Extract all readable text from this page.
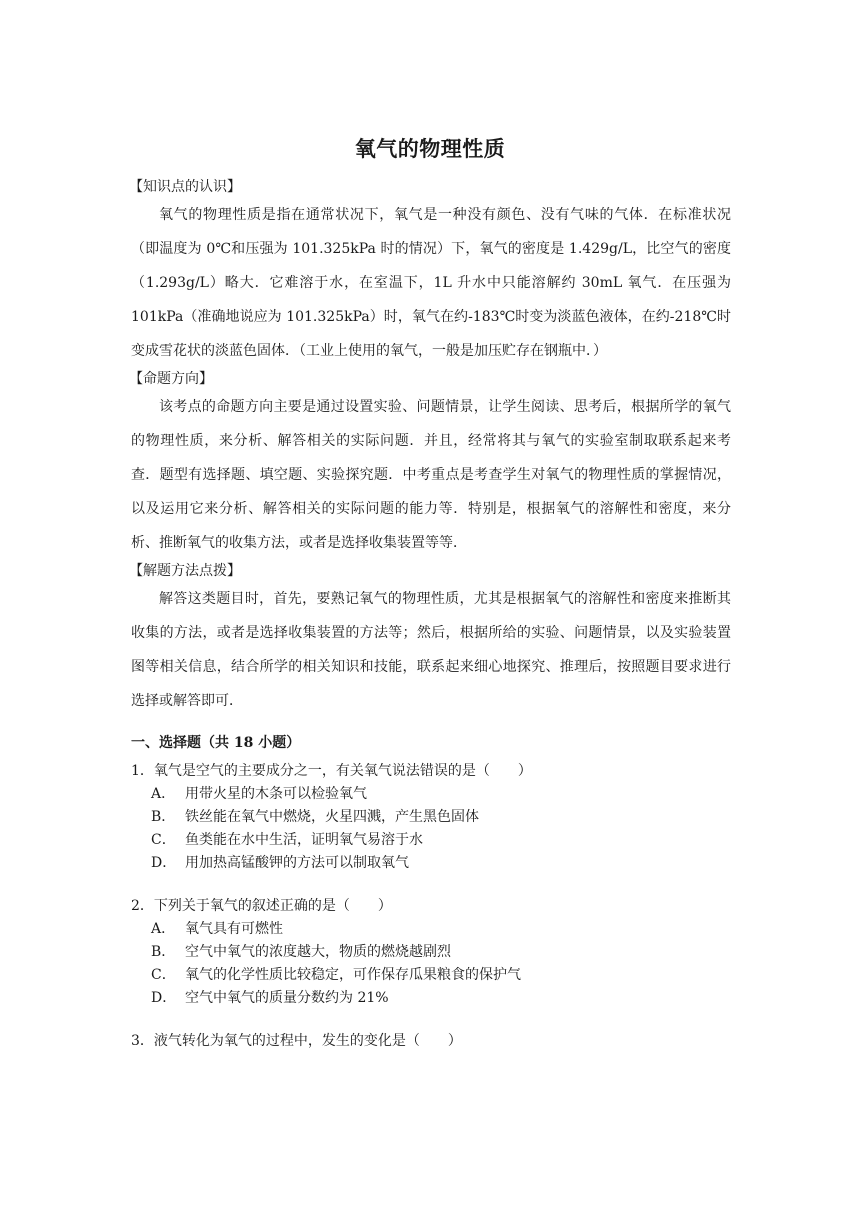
氧气的物理性质

【知识点的认识】

氧气的物理性质是指在通常状况下，氧气是一种没有颜色、没有气味的气体．在标准状况（即温度为 0℃和压强为 101.325kPa 时的情况）下，氧气的密度是 1.429g/L，比空气的密度（1.293g/L）略大．它难溶于水，在室温下，1L 升水中只能溶解约 30mL 氧气．在压强为 101kPa（准确地说应为 101.325kPa）时，氧气在约-183℃时变为淡蓝色液体，在约-218℃时变成雪花状的淡蓝色固体．（工业上使用的氧气，一般是加压贮存在钢瓶中．）

【命题方向】

该考点的命题方向主要是通过设置实验、问题情景，让学生阅读、思考后，根据所学的氧气的物理性质，来分析、解答相关的实际问题．并且，经常将其与氧气的实验室制取联系起来考查．题型有选择题、填空题、实验探究题．中考重点是考查学生对氧气的物理性质的掌握情况，以及运用它来分析、解答相关的实际问题的能力等．特别是，根据氧气的溶解性和密度，来分析、推断氧气的收集方法，或者是选择收集装置等等．

【解题方法点拨】

解答这类题目时，首先，要熟记氧气的物理性质，尤其是根据氧气的溶解性和密度来推断其收集的方法，或者是选择收集装置的方法等；然后，根据所给的实验、问题情景，以及实验装置图等相关信息，结合所学的相关知识和技能，联系起来细心地探究、推理后，按照题目要求进行选择或解答即可．

一、选择题（共 18 小题）

1．氧气是空气的主要成分之一，有关氧气说法错误的是（　　）

A． 用带火星的木条可以检验氧气
B． 铁丝能在氧气中燃烧，火星四溅，产生黑色固体
C． 鱼类能在水中生活，证明氧气易溶于水
D． 用加热高锰酸钾的方法可以制取氧气

2．下列关于氧气的叙述正确的是（　　）

A． 氧气具有可燃性
B． 空气中氧气的浓度越大，物质的燃烧越剧烈
C． 氧气的化学性质比较稳定，可作保存瓜果粮食的保护气
D． 空气中氧气的质量分数约为 21%

3．液气转化为氧气的过程中，发生的变化是（　　）
